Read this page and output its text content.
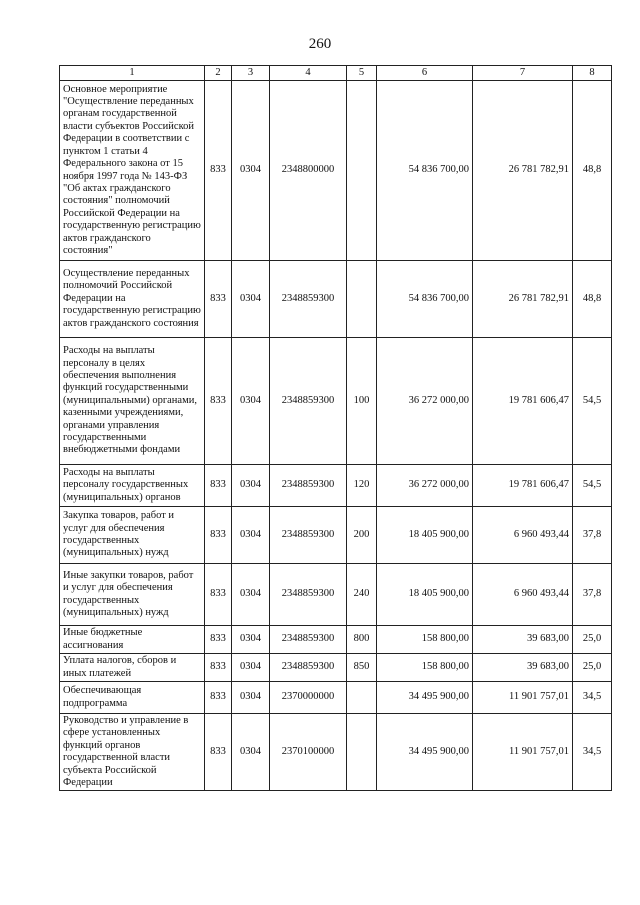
260
1	2	3	4	5	6	7	8
Основное мероприятие "Осуществление переданных органам государственной власти субъектов Российской Федерации в соответствии с пунктом 1 статьи 4 Федерального закона от 15 ноября 1997 года № 143-ФЗ "Об актах гражданского состояния" полномочий Российской Федерации на государственную регистрацию актов гражданского состояния"	833	0304	2348800000		54 836 700,00	26 781 782,91	48,8
Осуществление переданных полномочий Российской Федерации на государственную регистрацию актов гражданского состояния	833	0304	2348859300		54 836 700,00	26 781 782,91	48,8
Расходы на выплаты персоналу в целях обеспечения выполнения функций государственными (муниципальными) органами, казенными учреждениями, органами управления государственными внебюджетными фондами	833	0304	2348859300	100	36 272 000,00	19 781 606,47	54,5
Расходы на выплаты персоналу государственных (муниципальных) органов	833	0304	2348859300	120	36 272 000,00	19 781 606,47	54,5
Закупка товаров, работ и услуг для обеспечения государственных (муниципальных) нужд	833	0304	2348859300	200	18 405 900,00	6 960 493,44	37,8
Иные закупки товаров, работ и услуг для обеспечения государственных (муниципальных) нужд	833	0304	2348859300	240	18 405 900,00	6 960 493,44	37,8
Иные бюджетные ассигнования	833	0304	2348859300	800	158 800,00	39 683,00	25,0
Уплата налогов, сборов и иных платежей	833	0304	2348859300	850	158 800,00	39 683,00	25,0
Обеспечивающая подпрограмма	833	0304	2370000000		34 495 900,00	11 901 757,01	34,5
Руководство и управление в сфере установленных функций органов государственной власти субъекта Российской Федерации	833	0304	2370100000		34 495 900,00	11 901 757,01	34,5
